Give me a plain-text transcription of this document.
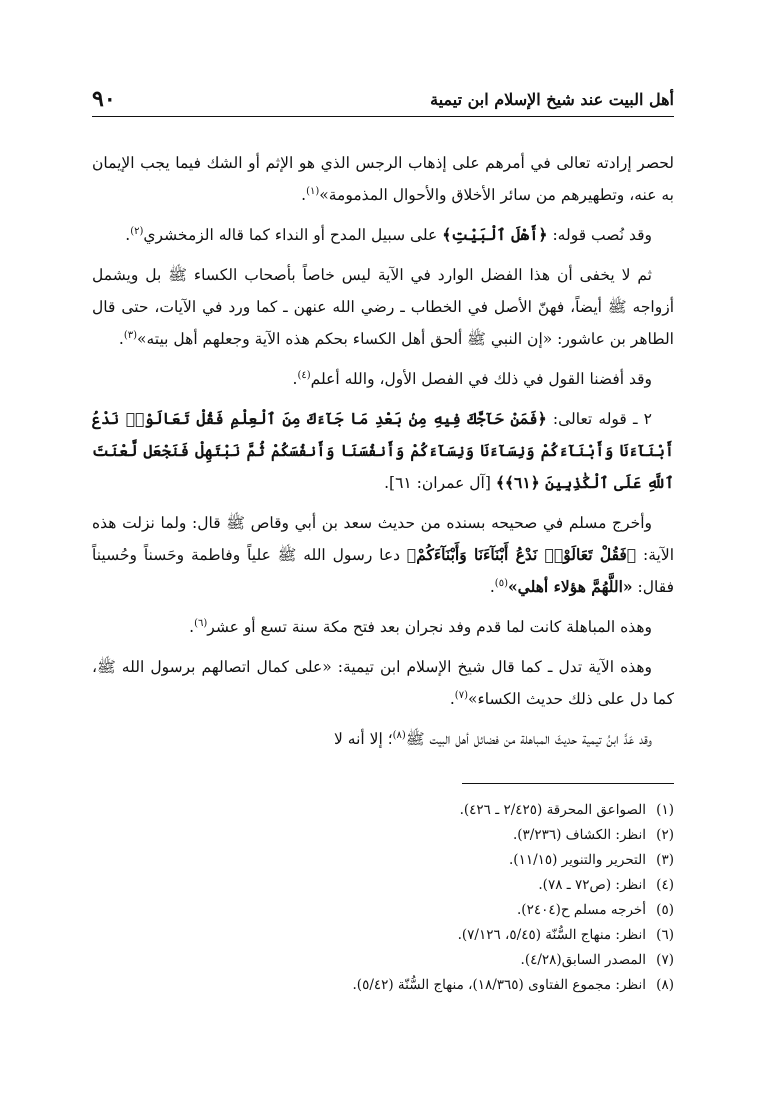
٩٠	أهل البيت عند شيخ الإسلام ابن تيمية

لحصر إرادته تعالى في أمرهم على إذهاب الرجس الذي هو الإثم أو الشك فيما يجب الإيمان به عنه، وتطهيرهم من سائر الأخلاق والأحوال المذمومة»$^{(١)}$.

وقد نُصب قوله: ﴿أَهْلَ ٱلْبَيْتِ﴾ على سبيل المدح أو النداء كما قاله الزمخشري$^{(٢)}$.

ثم لا يخفى أن هذا الفضل الوارد في الآية ليس خاصاً بأصحاب الكساء ﷺ بل ويشمل أزواجه ﷺ أيضاً، فهنّ الأصل في الخطاب ـ رضي الله عنهن ـ كما ورد في الآيات، حتى قال الطاهر بن عاشور: «إن النبي ﷺ ألحق أهل الكساء بحكم هذه الآية وجعلهم أهل بيته»$^{(٣)}$.

وقد أفضنا القول في ذلك في الفصل الأول، والله أعلم$^{(٤)}$.

٢ ـ قوله تعالى: ﴿فَمَنْ حَآجَّكَ فِيهِ مِنۢ بَعْدِ مَا جَآءَكَ مِنَ ٱلْعِلْمِ فَقُلْ تَعَالَوْا۟ نَدْعُ أَبْنَآءَنَا وَأَبْنَآءَكُمْ وَنِسَآءَنَا وَنِسَآءَكُمْ وَأَنفُسَنَا وَأَنفُسَكُمْ ثُمَّ نَبْتَهِلْ فَنَجْعَل لَّعْنَتَ ٱللَّهِ عَلَى ٱلْكَٰذِبِينَ ﴿٦١﴾﴾ [آل عمران: ٦١].

وأخرج مسلم في صحيحه بسنده من حديث سعد بن أبي وقاص ﷺ قال: ولما نزلت هذه الآية: ﴿فَقُلْ تَعَالَوْا۟ نَدْعُ أَبْنَآءَنَا وَأَبْنَآءَكُمْ﴾ دعا رسول الله ﷺ علياً وفاطمة وحَسناً وحُسيناً فقال: «اللَّهُمَّ هؤلاء أهلي»$^{(٥)}$.

وهذه المباهلة كانت لما قدم وفد نجران بعد فتح مكة سنة تسع أو عشر$^{(٦)}$.

وهذه الآية تدل ـ كما قال شيخ الإسلام ابن تيمية: «على كمال اتصالهم برسول الله ﷺ، كما دل على ذلك حديث الكساء»$^{(٧)}$.

وقد عَدَّ ابنُ تيمية حديثَ المباهلة من فضائل أهل البيت ﷺ$^{(٨)}$؛ إلا أنه لا

(١)
الصواعق المحرقة (٢/٤٢٥ ـ ٤٢٦).
(٢)
انظر: الكشاف (٣/٢٣٦).
(٣)
التحرير والتنوير (١١/١٥).
(٤)
انظر: (ص٧٢ ـ ٧٨).
(٥)
أخرجه مسلم ح(٢٤٠٤).
(٦)
انظر: منهاج السُّنّة (٥/٤٥، ٧/١٢٦).
(٧)
المصدر السابق(٤/٢٨).
(٨)
انظر: مجموع الفتاوى (١٨/٣٦٥)، منهاج السُّنّة (٥/٤٢).
